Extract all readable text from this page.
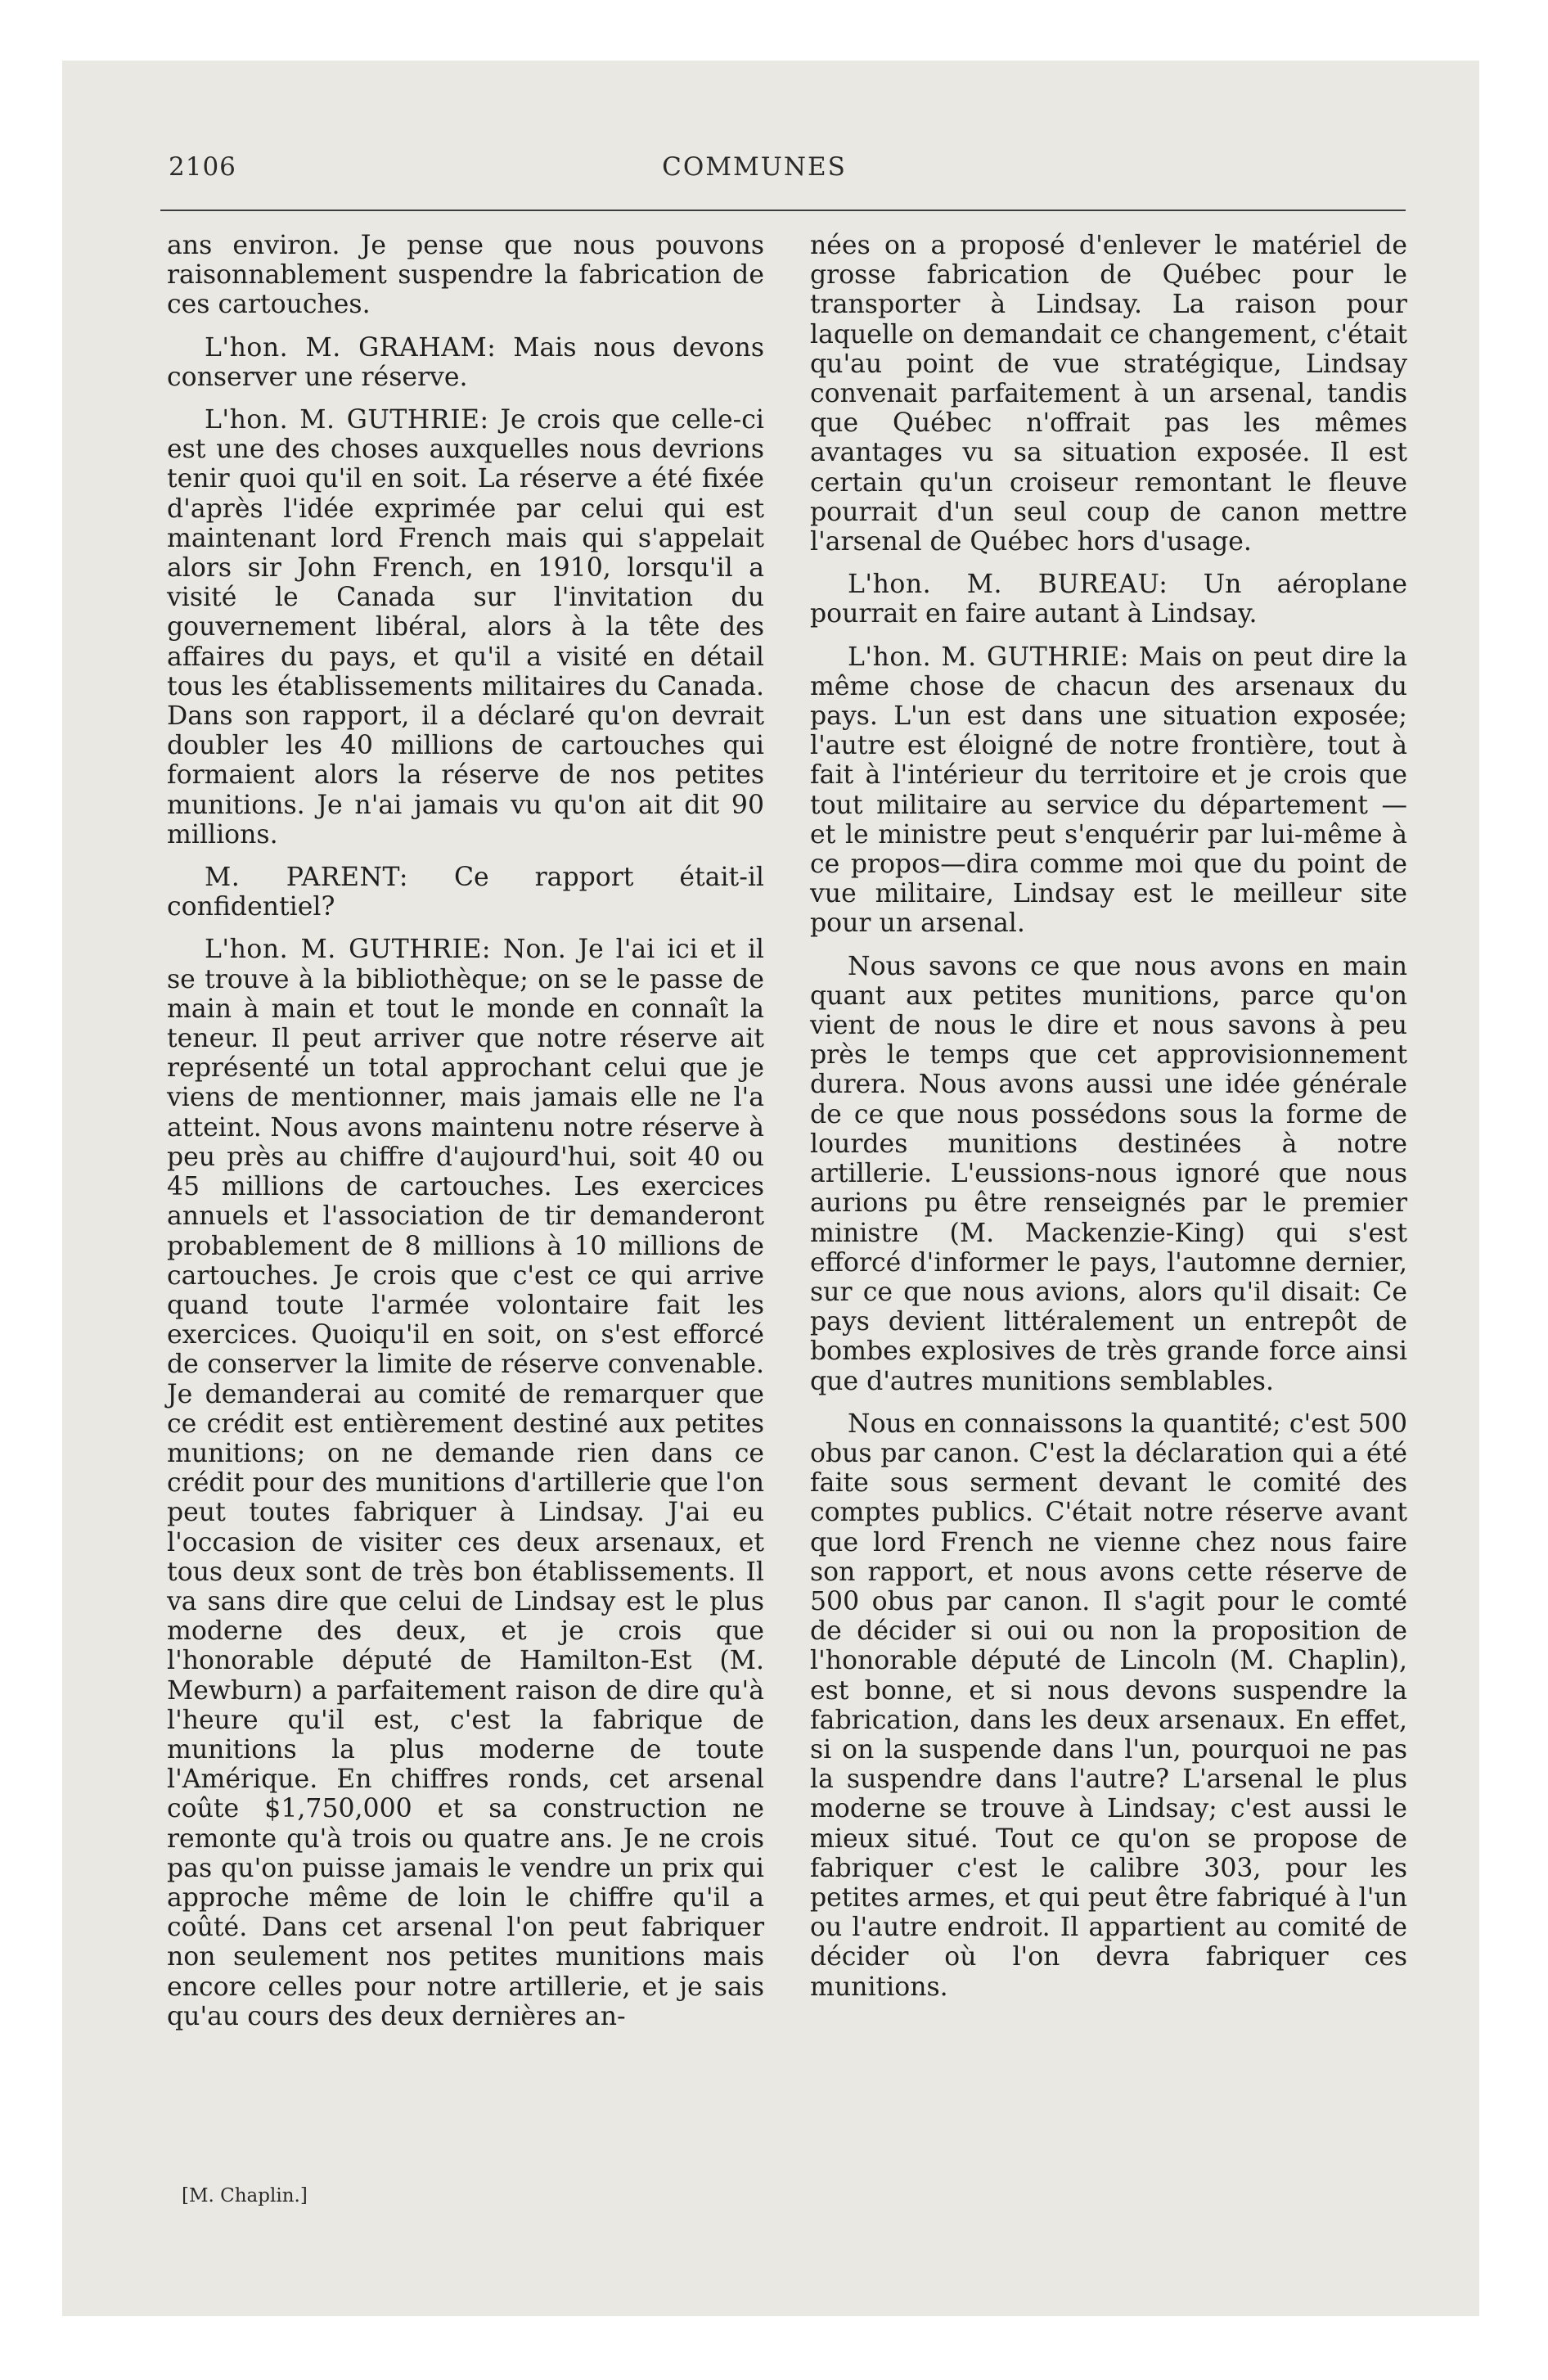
2106	COMMUNES

ans environ. Je pense que nous pouvons raisonnablement suspendre la fabrication de ces cartouches.

L'hon. M. GRAHAM: Mais nous devons conserver une réserve.

L'hon. M. GUTHRIE: Je crois que celle-ci est une des choses auxquelles nous devrions tenir quoi qu'il en soit. La réserve a été fixée d'après l'idée exprimée par celui qui est maintenant lord French mais qui s'appelait alors sir John French, en 1910, lorsqu'il a visité le Canada sur l'invitation du gouvernement libéral, alors à la tête des affaires du pays, et qu'il a visité en détail tous les établissements militaires du Canada. Dans son rapport, il a déclaré qu'on devrait doubler les 40 millions de cartouches qui formaient alors la réserve de nos petites munitions. Je n'ai jamais vu qu'on ait dit 90 millions.

M. PARENT: Ce rapport était-il confidentiel?

L'hon. M. GUTHRIE: Non. Je l'ai ici et il se trouve à la bibliothèque; on se le passe de main à main et tout le monde en connaît la teneur. Il peut arriver que notre réserve ait représenté un total approchant celui que je viens de mentionner, mais jamais elle ne l'a atteint. Nous avons maintenu notre réserve à peu près au chiffre d'aujourd'hui, soit 40 ou 45 millions de cartouches. Les exercices annuels et l'association de tir demanderont probablement de 8 millions à 10 millions de cartouches. Je crois que c'est ce qui arrive quand toute l'armée volontaire fait les exercices. Quoiqu'il en soit, on s'est efforcé de conserver la limite de réserve convenable. Je demanderai au comité de remarquer que ce crédit est entièrement destiné aux petites munitions; on ne demande rien dans ce crédit pour des munitions d'artillerie que l'on peut toutes fabriquer à Lindsay. J'ai eu l'occasion de visiter ces deux arsenaux, et tous deux sont de très bon établissements. Il va sans dire que celui de Lindsay est le plus moderne des deux, et je crois que l'honorable député de Hamilton-Est (M. Mewburn) a parfaitement raison de dire qu'à l'heure qu'il est, c'est la fabrique de munitions la plus moderne de toute l'Amérique. En chiffres ronds, cet arsenal coûte $1,750,000 et sa construction ne remonte qu'à trois ou quatre ans. Je ne crois pas qu'on puisse jamais le vendre un prix qui approche même de loin le chiffre qu'il a coûté. Dans cet arsenal l'on peut fabriquer non seulement nos petites munitions mais encore celles pour notre artillerie, et je sais qu'au cours des deux dernières an-

nées on a proposé d'enlever le matériel de grosse fabrication de Québec pour le transporter à Lindsay. La raison pour laquelle on demandait ce changement, c'était qu'au point de vue stratégique, Lindsay convenait parfaitement à un arsenal, tandis que Québec n'offrait pas les mêmes avantages vu sa situation exposée. Il est certain qu'un croiseur remontant le fleuve pourrait d'un seul coup de canon mettre l'arsenal de Québec hors d'usage.

L'hon. M. BUREAU: Un aéroplane pourrait en faire autant à Lindsay.

L'hon. M. GUTHRIE: Mais on peut dire la même chose de chacun des arsenaux du pays. L'un est dans une situation exposée; l'autre est éloigné de notre frontière, tout à fait à l'intérieur du territoire et je crois que tout militaire au service du département — et le ministre peut s'enquérir par lui-même à ce propos—dira comme moi que du point de vue militaire, Lindsay est le meilleur site pour un arsenal.

Nous savons ce que nous avons en main quant aux petites munitions, parce qu'on vient de nous le dire et nous savons à peu près le temps que cet approvisionnement durera. Nous avons aussi une idée générale de ce que nous possédons sous la forme de lourdes munitions destinées à notre artillerie. L'eussions-nous ignoré que nous aurions pu être renseignés par le premier ministre (M. Mackenzie-King) qui s'est efforcé d'informer le pays, l'automne dernier, sur ce que nous avions, alors qu'il disait: Ce pays devient littéralement un entrepôt de bombes explosives de très grande force ainsi que d'autres munitions semblables.

Nous en connaissons la quantité; c'est 500 obus par canon. C'est la déclaration qui a été faite sous serment devant le comité des comptes publics. C'était notre réserve avant que lord French ne vienne chez nous faire son rapport, et nous avons cette réserve de 500 obus par canon. Il s'agit pour le comté de décider si oui ou non la proposition de l'honorable député de Lincoln (M. Chaplin), est bonne, et si nous devons suspendre la fabrication, dans les deux arsenaux. En effet, si on la suspende dans l'un, pourquoi ne pas la suspendre dans l'autre? L'arsenal le plus moderne se trouve à Lindsay; c'est aussi le mieux situé. Tout ce qu'on se propose de fabriquer c'est le calibre 303, pour les petites armes, et qui peut être fabriqué à l'un ou l'autre endroit. Il appartient au comité de décider où l'on devra fabriquer ces munitions.

[M. Chaplin.]
